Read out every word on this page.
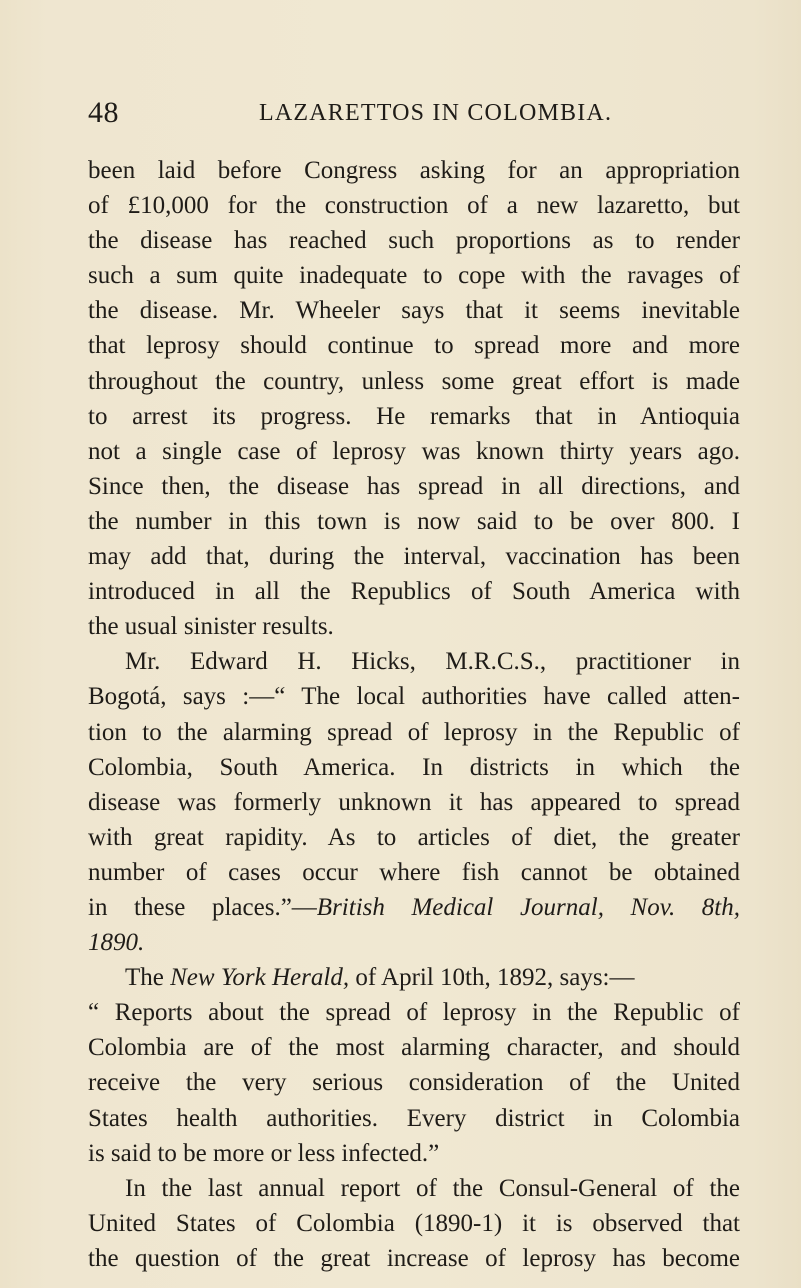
48	LAZARETTOS IN COLOMBIA.
been laid before Congress asking for an appropriation
of £10,000 for the construction of a new lazaretto, but
the disease has reached such proportions as to render
such a sum quite inadequate to cope with the ravages of
the disease. Mr. Wheeler says that it seems inevitable
that leprosy should continue to spread more and more
throughout the country, unless some great effort is made
to arrest its progress. He remarks that in Antioquia
not a single case of leprosy was known thirty years ago.
Since then, the disease has spread in all directions, and
the number in this town is now said to be over 800. I
may add that, during the interval, vaccination has been
introduced in all the Republics of South America with
the usual sinister results.
Mr. Edward H. Hicks, M.R.C.S., practitioner in
Bogotá, says :—“ The local authorities have called atten-
tion to the alarming spread of leprosy in the Republic of
Colombia, South America. In districts in which the
disease was formerly unknown it has appeared to spread
with great rapidity. As to articles of diet, the greater
number of cases occur where fish cannot be obtained
in these places.”—British Medical Journal, Nov. 8th,
1890.
The New York Herald, of April 10th, 1892, says:—
“ Reports about the spread of leprosy in the Republic of
Colombia are of the most alarming character, and should
receive the very serious consideration of the United
States health authorities. Every district in Colombia
is said to be more or less infected.”
In the last annual report of the Consul-General of the
United States of Colombia (1890-1) it is observed that
the question of the great increase of leprosy has become
